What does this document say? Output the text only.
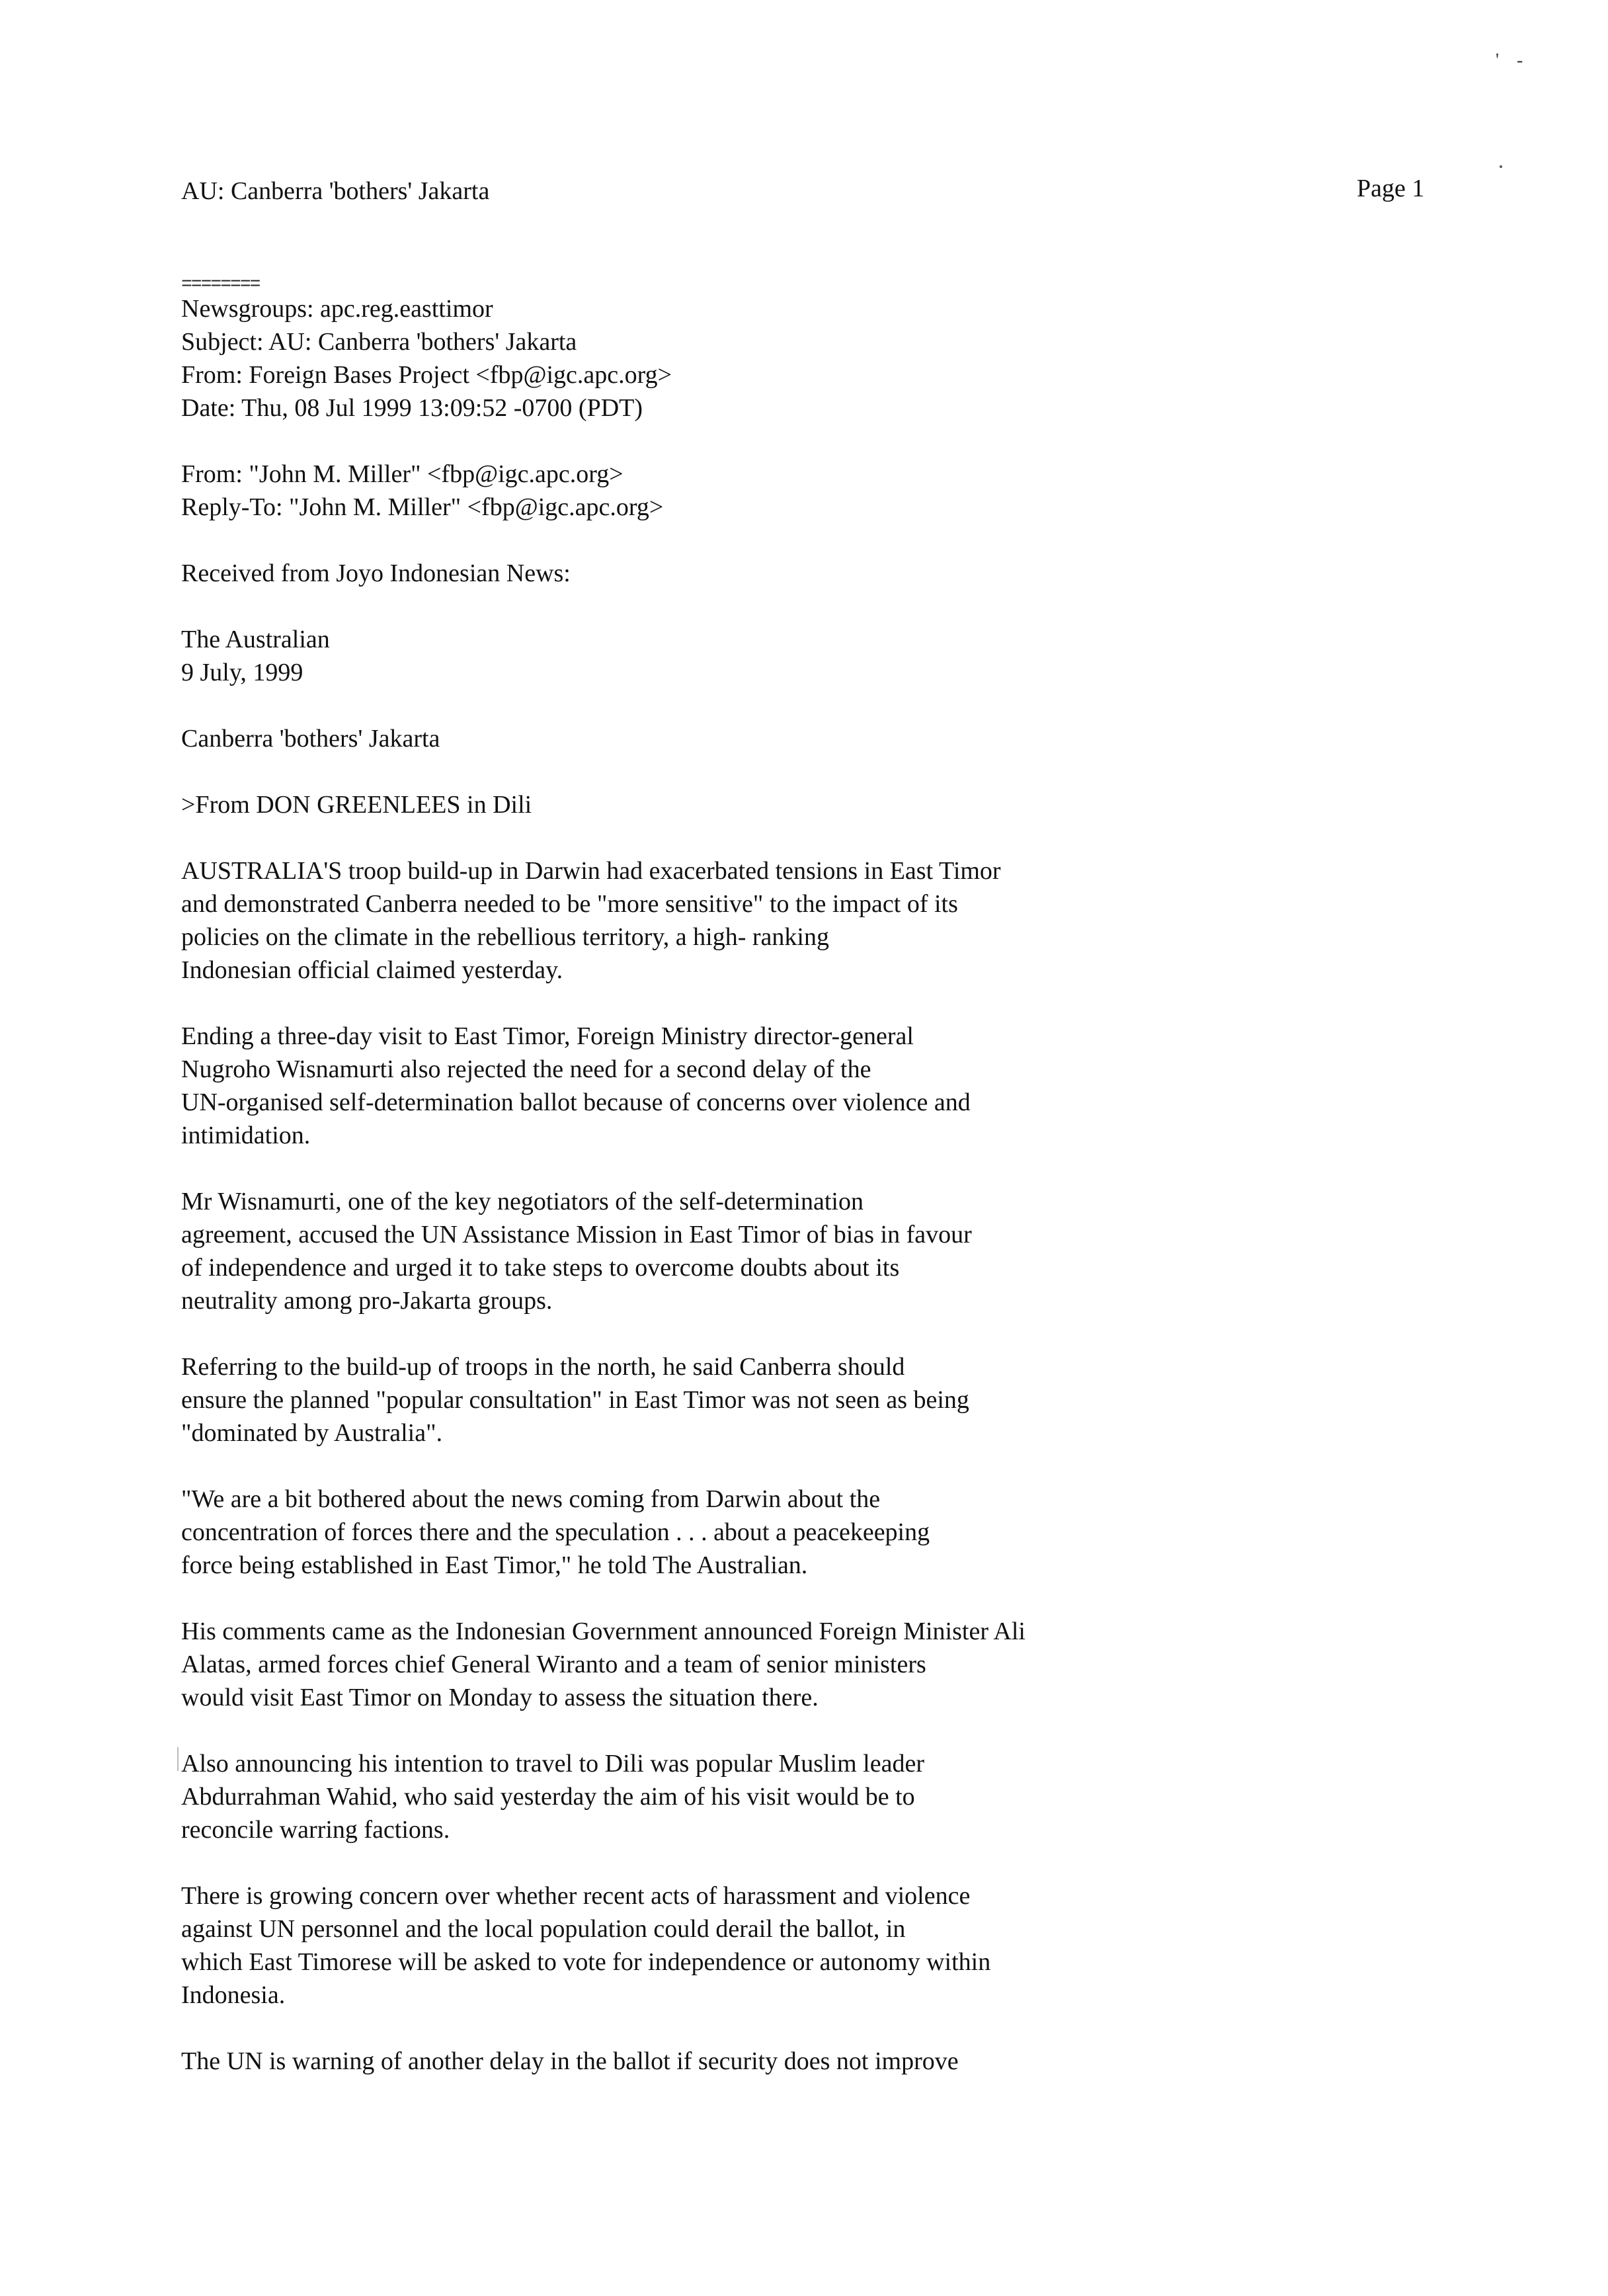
' -

AU: Canberra 'bothers' Jakarta	Page 1

========

Newsgroups: apc.reg.easttimor

Subject: AU: Canberra 'bothers' Jakarta

From: Foreign Bases Project <fbp@igc.apc.org>

Date: Thu, 08 Jul 1999 13:09:52 -0700 (PDT)

From: "John M. Miller" <fbp@igc.apc.org>

Reply-To: "John M. Miller" <fbp@igc.apc.org>

Received from Joyo Indonesian News:

The Australian

9 July, 1999

Canberra 'bothers' Jakarta

>From DON GREENLEES in Dili

AUSTRALIA'S troop build-up in Darwin had exacerbated tensions in East Timor

and demonstrated Canberra needed to be "more sensitive" to the impact of its

policies on the climate in the rebellious territory, a high- ranking

Indonesian official claimed yesterday.

Ending a three-day visit to East Timor, Foreign Ministry director-general

Nugroho Wisnamurti also rejected the need for a second delay of the

UN-organised self-determination ballot because of concerns over violence and

intimidation.

Mr Wisnamurti, one of the key negotiators of the self-determination

agreement, accused the UN Assistance Mission in East Timor of bias in favour

of independence and urged it to take steps to overcome doubts about its

neutrality among pro-Jakarta groups.

Referring to the build-up of troops in the north, he said Canberra should

ensure the planned "popular consultation" in East Timor was not seen as being

"dominated by Australia".

"We are a bit bothered about the news coming from Darwin about the

concentration of forces there and the speculation . . . about a peacekeeping

force being established in East Timor," he told The Australian.

His comments came as the Indonesian Government announced Foreign Minister Ali

Alatas, armed forces chief General Wiranto and a team of senior ministers

would visit East Timor on Monday to assess the situation there.

Also announcing his intention to travel to Dili was popular Muslim leader

Abdurrahman Wahid, who said yesterday the aim of his visit would be to

reconcile warring factions.

There is growing concern over whether recent acts of harassment and violence

against UN personnel and the local population could derail the ballot, in

which East Timorese will be asked to vote for independence or autonomy within

Indonesia.

The UN is warning of another delay in the ballot if security does not improve
